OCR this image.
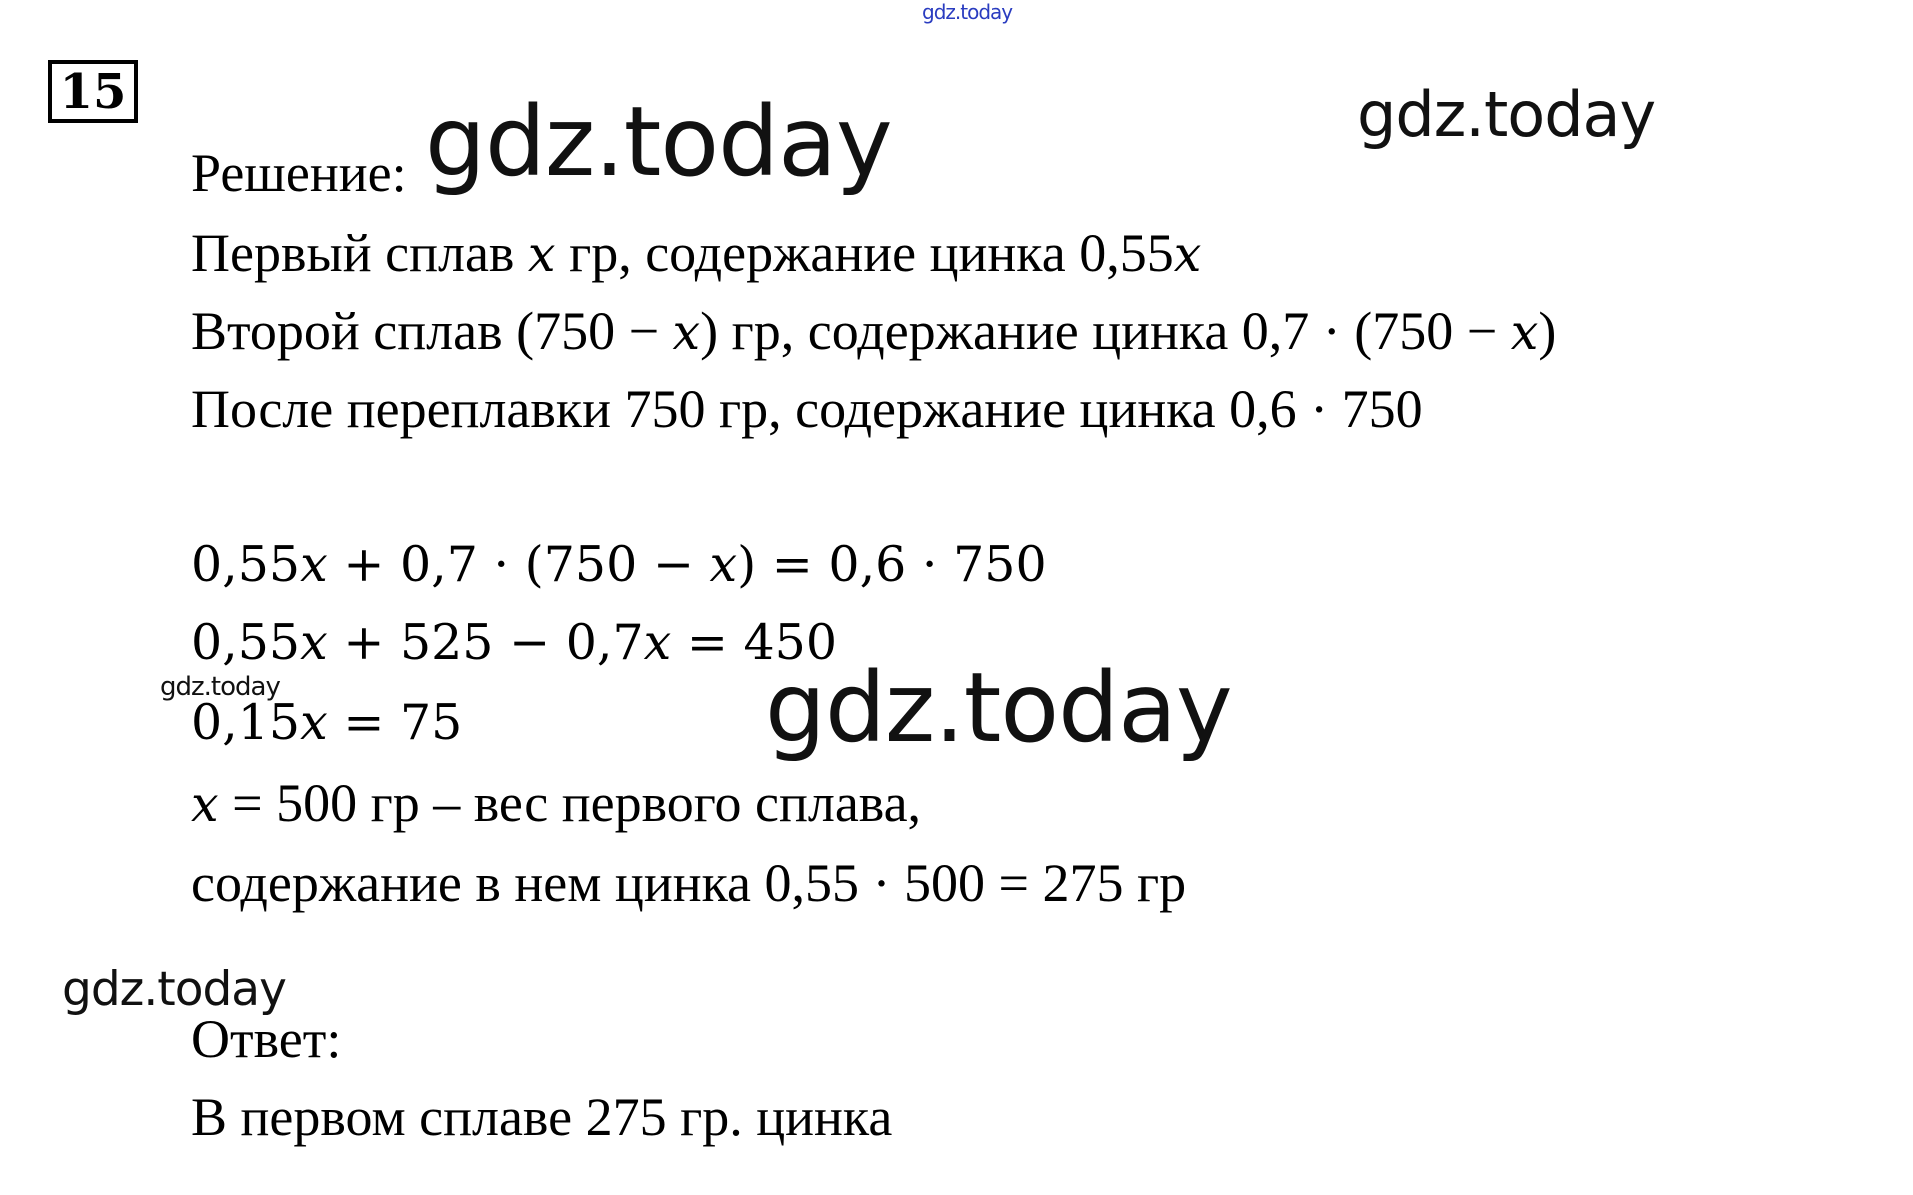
15
Решение:
Первый сплав x гр, содержание цинка 0,55x
Второй сплав (750 − x) гр, содержание цинка 0,7 · (750 − x)
После переплавки 750 гр, содержание цинка 0,6 · 750
0,55x + 0,7 · (750 − x) = 0,6 · 750
0,55x + 525 − 0,7x = 450
0,15x = 75
x = 500 гр – вес первого сплава,
содержание в нем цинка 0,55 · 500 = 275 гр
Ответ:
В первом сплаве 275 гр. цинка
gdz.today
gdz.today	gdz.today
gdz.today	gdz.today
gdz.today
